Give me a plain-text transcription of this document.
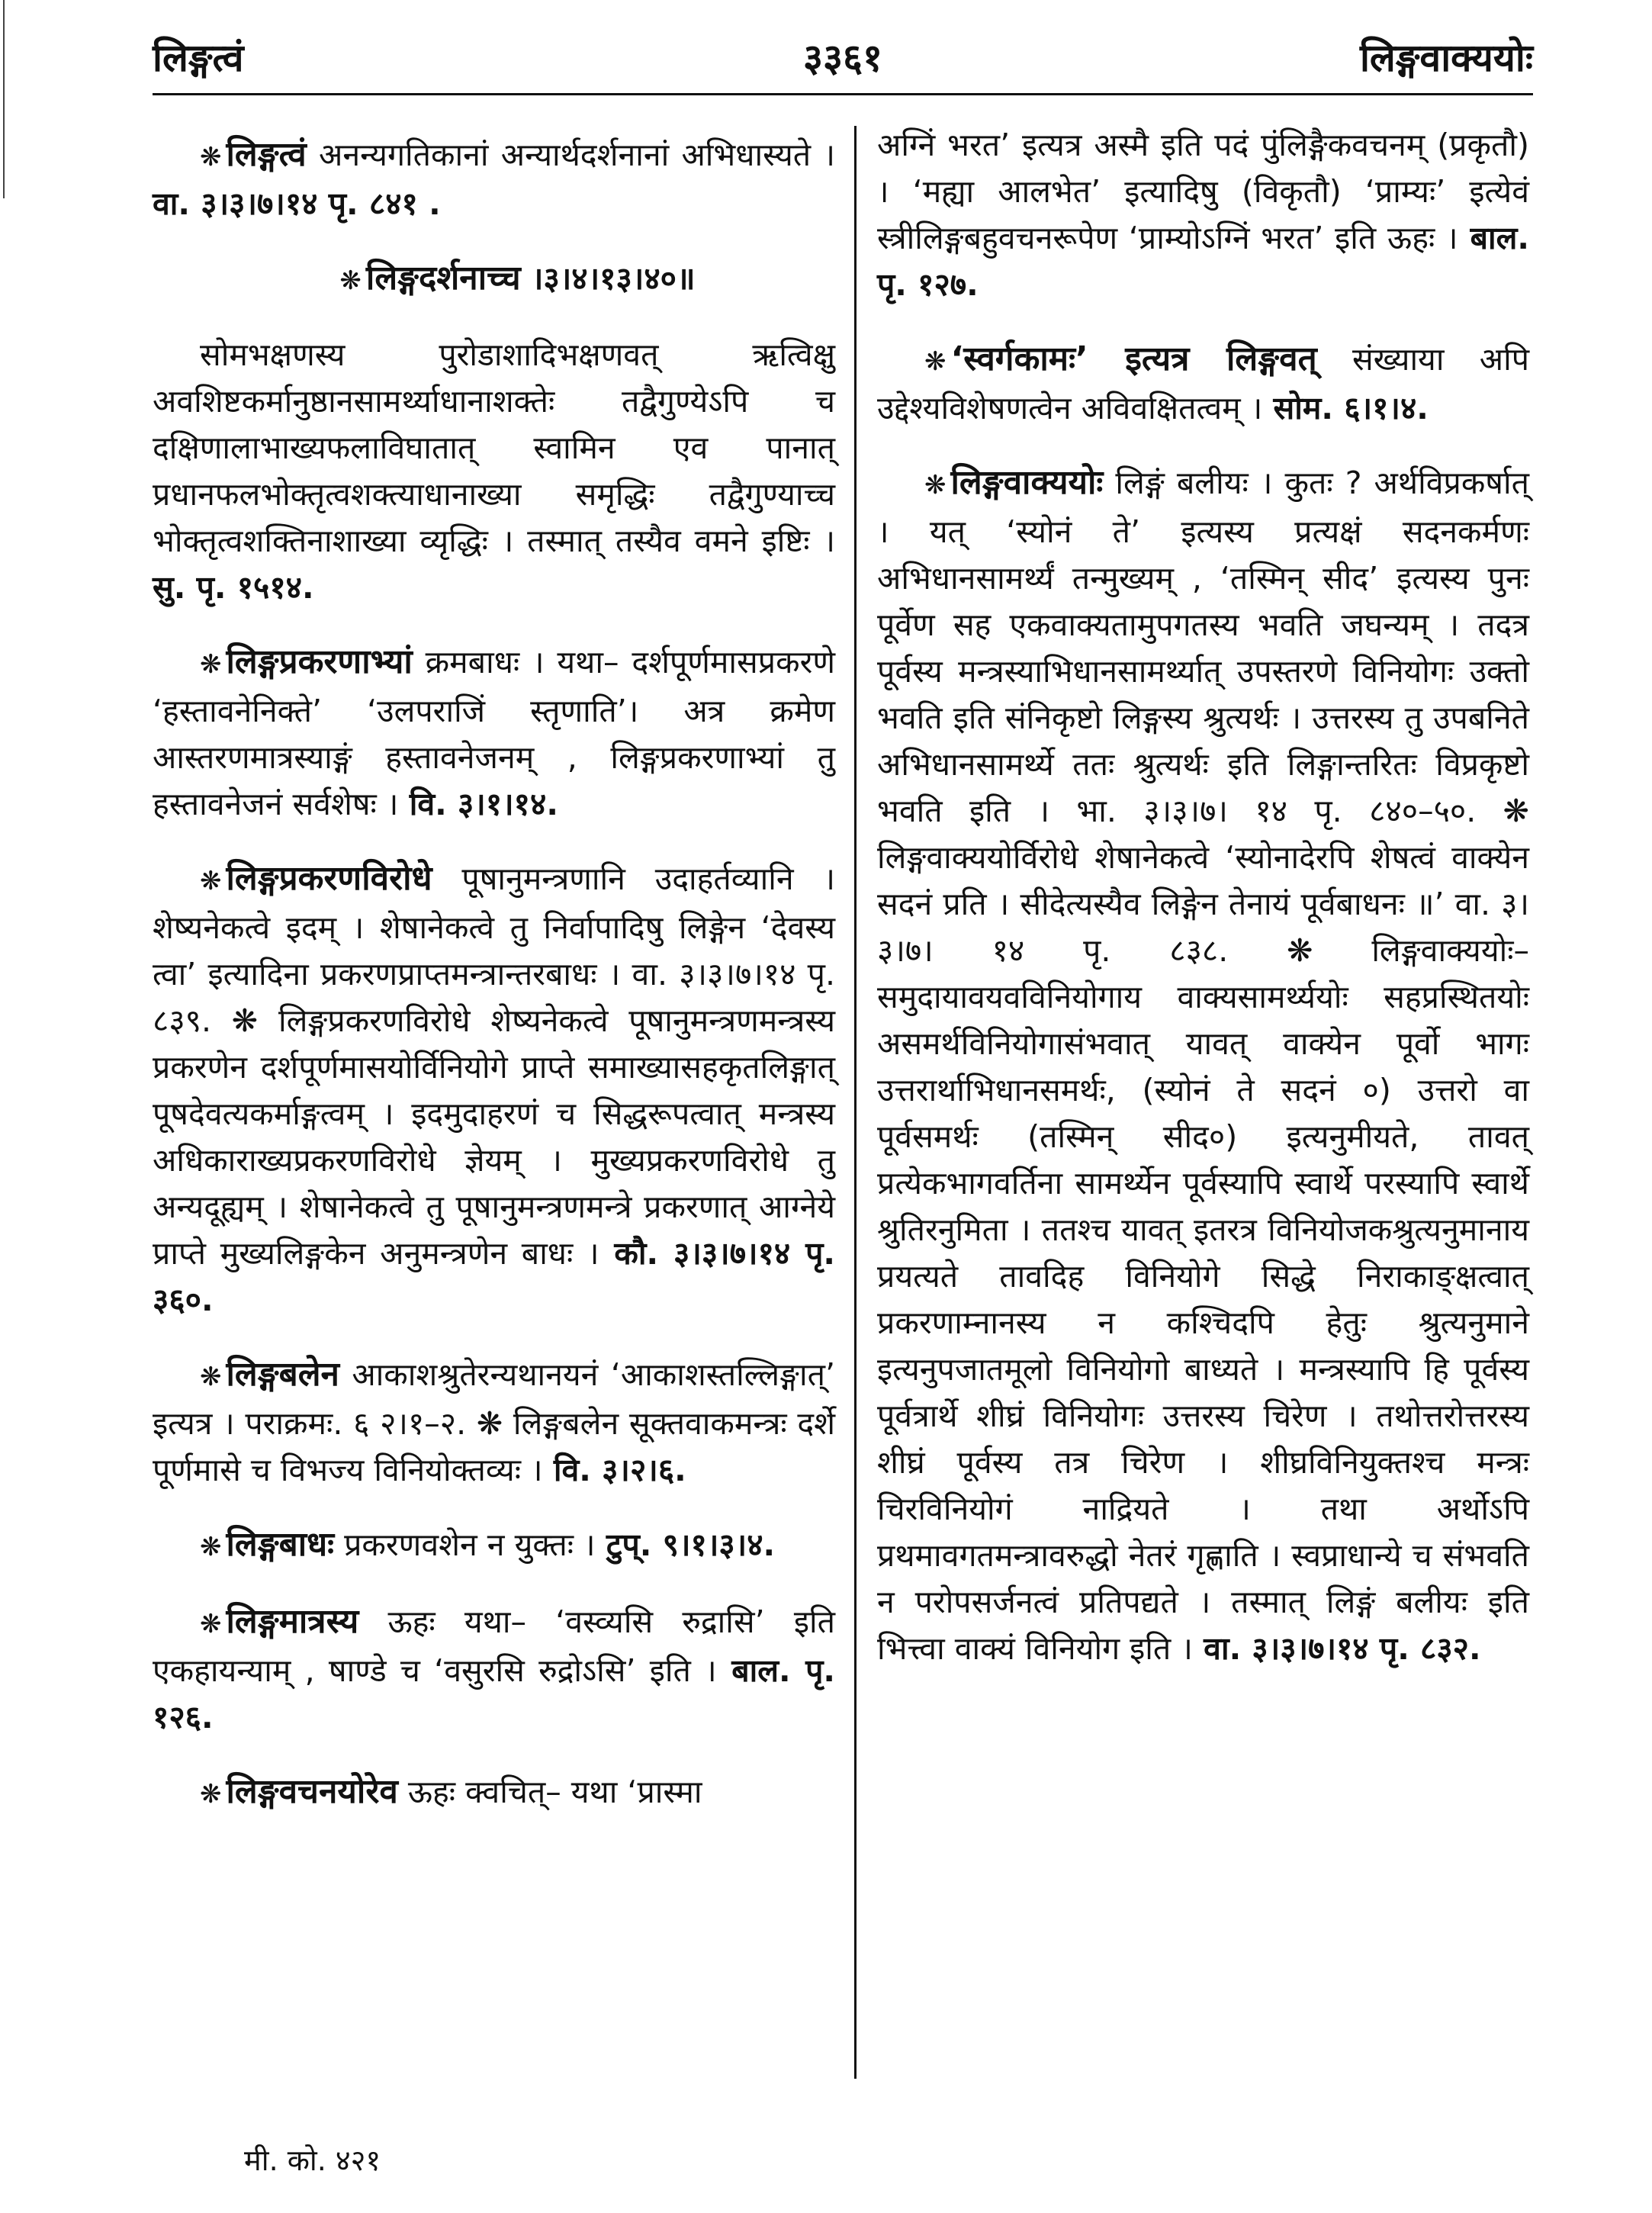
लिङ्गत्वं	३३६१	लिङ्गवाक्ययोः

❋ लिङ्गत्वं अनन्यगतिकानां अन्यार्थदर्शनानां अभिधास्यते । वा. ३।३।७।१४ पृ. ८४१ .

❋ लिङ्गदर्शनाच्च ।३।४।१३।४०॥

सोमभक्षणस्य पुरोडाशादिभक्षणवत् ऋत्विक्षु अवशिष्टकर्मानुष्ठानसामर्थ्याधानाशक्तेः तद्वैगुण्येऽपि च दक्षिणालाभाख्यफलाविघातात् स्वामिन एव पानात् प्रधानफलभोक्तृत्वशक्त्याधानाख्या समृद्धिः तद्वैगुण्याच्च भोक्तृत्वशक्तिनाशाख्या व्यृद्धिः । तस्मात् तस्यैव वमने इष्टिः । सु. पृ. १५१४.

❋ लिङ्गप्रकरणाभ्यां क्रमबाधः । यथा– दर्शपूर्णमासप्रकरणे ‘हस्तावनेनिक्ते’ ‘उलपराजिं स्तृणाति’। अत्र क्रमेण आस्तरणमात्रस्याङ्गं हस्तावनेजनम् , लिङ्गप्रकरणाभ्यां तु हस्तावनेजनं सर्वशेषः । वि. ३।१।१४.

❋ लिङ्गप्रकरणविरोधे पूषानुमन्त्रणानि उदाहर्तव्यानि । शेष्यनेकत्वे इदम् । शेषानेकत्वे तु निर्वापादिषु लिङ्गेन ‘देवस्य त्वा’ इत्यादिना प्रकरणप्राप्तमन्त्रान्तरबाधः । वा. ३।३।७।१४ पृ. ८३९. ❋ लिङ्गप्रकरणविरोधे शेष्यनेकत्वे पूषानुमन्त्रणमन्त्रस्य प्रकरणेन दर्शपूर्णमासयोर्विनियोगे प्राप्ते समाख्यासहकृतलिङ्गात् पूषदेवत्यकर्माङ्गत्वम् । इदमुदाहरणं च सिद्धरूपत्वात् मन्त्रस्य अधिकाराख्यप्रकरणविरोधे ज्ञेयम् । मुख्यप्रकरणविरोधे तु अन्यदूह्यम् । शेषानेकत्वे तु पूषानुमन्त्रणमन्त्रे प्रकरणात् आग्नेये प्राप्ते मुख्यलिङ्गकेन अनुमन्त्रणेन बाधः । कौ. ३।३।७।१४ पृ. ३६०.

❋ लिङ्गबलेन आकाशश्रुतेरन्यथानयनं ‘आकाशस्तल्लिङ्गात्’ इत्यत्र । पराक्रमः. ६ २।१–२. ❋ लिङ्गबलेन सूक्तवाकमन्त्रः दर्शे पूर्णमासे च विभज्य विनियोक्तव्यः । वि. ३।२।६.

❋ लिङ्गबाधः प्रकरणवशेन न युक्तः । टुप्. ९।१।३।४.

❋ लिङ्गमात्रस्य ऊहः यथा– ‘वस्व्यसि रुद्रासि’ इति एकहायन्याम् , षाण्डे च ‘वसुरसि रुद्रोऽसि’ इति । बाल. पृ. १२६.

❋ लिङ्गवचनयोरेव ऊहः क्वचित्– यथा ‘प्रास्मा

अग्निं भरत’ इत्यत्र अस्मै इति पदं पुंलिङ्गैकवचनम् (प्रकृतौ) । ‘मह्या आलभेत’ इत्यादिषु (विकृतौ) ‘प्राम्यः’ इत्येवं स्त्रीलिङ्गबहुवचनरूपेण ‘प्राम्योऽग्निं भरत’ इति ऊहः । बाल. पृ. १२७.

❋ ‘स्वर्गकामः’ इत्यत्र लिङ्गवत् संख्याया अपि उद्देश्यविशेषणत्वेन अविवक्षितत्वम् । सोम. ६।१।४.

❋ लिङ्गवाक्ययोः लिङ्गं बलीयः । कुतः ? अर्थविप्रकर्षात् । यत् ‘स्योनं ते’ इत्यस्य प्रत्यक्षं सदनकर्मणः अभिधानसामर्थ्यं तन्मुख्यम् , ‘तस्मिन् सीद’ इत्यस्य पुनः पूर्वेण सह एकवाक्यतामुपगतस्य भवति जघन्यम् । तदत्र पूर्वस्य मन्त्रस्याभिधानसामर्थ्यात् उपस्तरणे विनियोगः उक्तो भवति इति संनिकृष्टो लिङ्गस्य श्रुत्यर्थः । उत्तरस्य तु उपबनिते अभिधानसामर्थ्ये ततः श्रुत्यर्थः इति लिङ्गान्तरितः विप्रकृष्टो भवति इति । भा. ३।३।७। १४ पृ. ८४०–५०. ❋ लिङ्गवाक्ययोर्विरोधे शेषानेकत्वे ‘स्योनादेरपि शेषत्वं वाक्येन सदनं प्रति । सीदेत्यस्यैव लिङ्गेन तेनायं पूर्वबाधनः ॥’ वा. ३।३।७। १४ पृ. ८३८. ❋ लिङ्गवाक्ययोः– समुदायावयवविनियोगाय वाक्यसामर्थ्ययोः सहप्रस्थितयोः असमर्थविनियोगासंभवात् यावत् वाक्येन पूर्वो भागः उत्तरार्थाभिधानसमर्थः, (स्योनं ते सदनं ०) उत्तरो वा पूर्वसमर्थः (तस्मिन् सीद०) इत्यनुमीयते, तावत् प्रत्येकभागवर्तिना सामर्थ्येन पूर्वस्यापि स्वार्थे परस्यापि स्वार्थे श्रुतिरनुमिता । ततश्च यावत् इतरत्र विनियोजकश्रुत्यनुमानाय प्रयत्यते तावदिह विनियोगे सिद्धे निराकाङ्क्षत्वात् प्रकरणाम्नानस्य न कश्चिदपि हेतुः श्रुत्यनुमाने इत्यनुपजातमूलो विनियोगो बाध्यते । मन्त्रस्यापि हि पूर्वस्य पूर्वत्रार्थे शीघ्रं विनियोगः उत्तरस्य चिरेण । तथोत्तरोत्तरस्य शीघ्रं पूर्वस्य तत्र चिरेण । शीघ्रविनियुक्तश्च मन्त्रः चिरविनियोगं नाद्रियते । तथा अर्थोऽपि प्रथमावगतमन्त्रावरुद्धो नेतरं गृह्णाति । स्वप्राधान्ये च संभवति न परोपसर्जनत्वं प्रतिपद्यते । तस्मात् लिङ्गं बलीयः इति भित्त्वा वाक्यं विनियोग इति । वा. ३।३।७।१४ पृ. ८३२.

मी. को. ४२१
